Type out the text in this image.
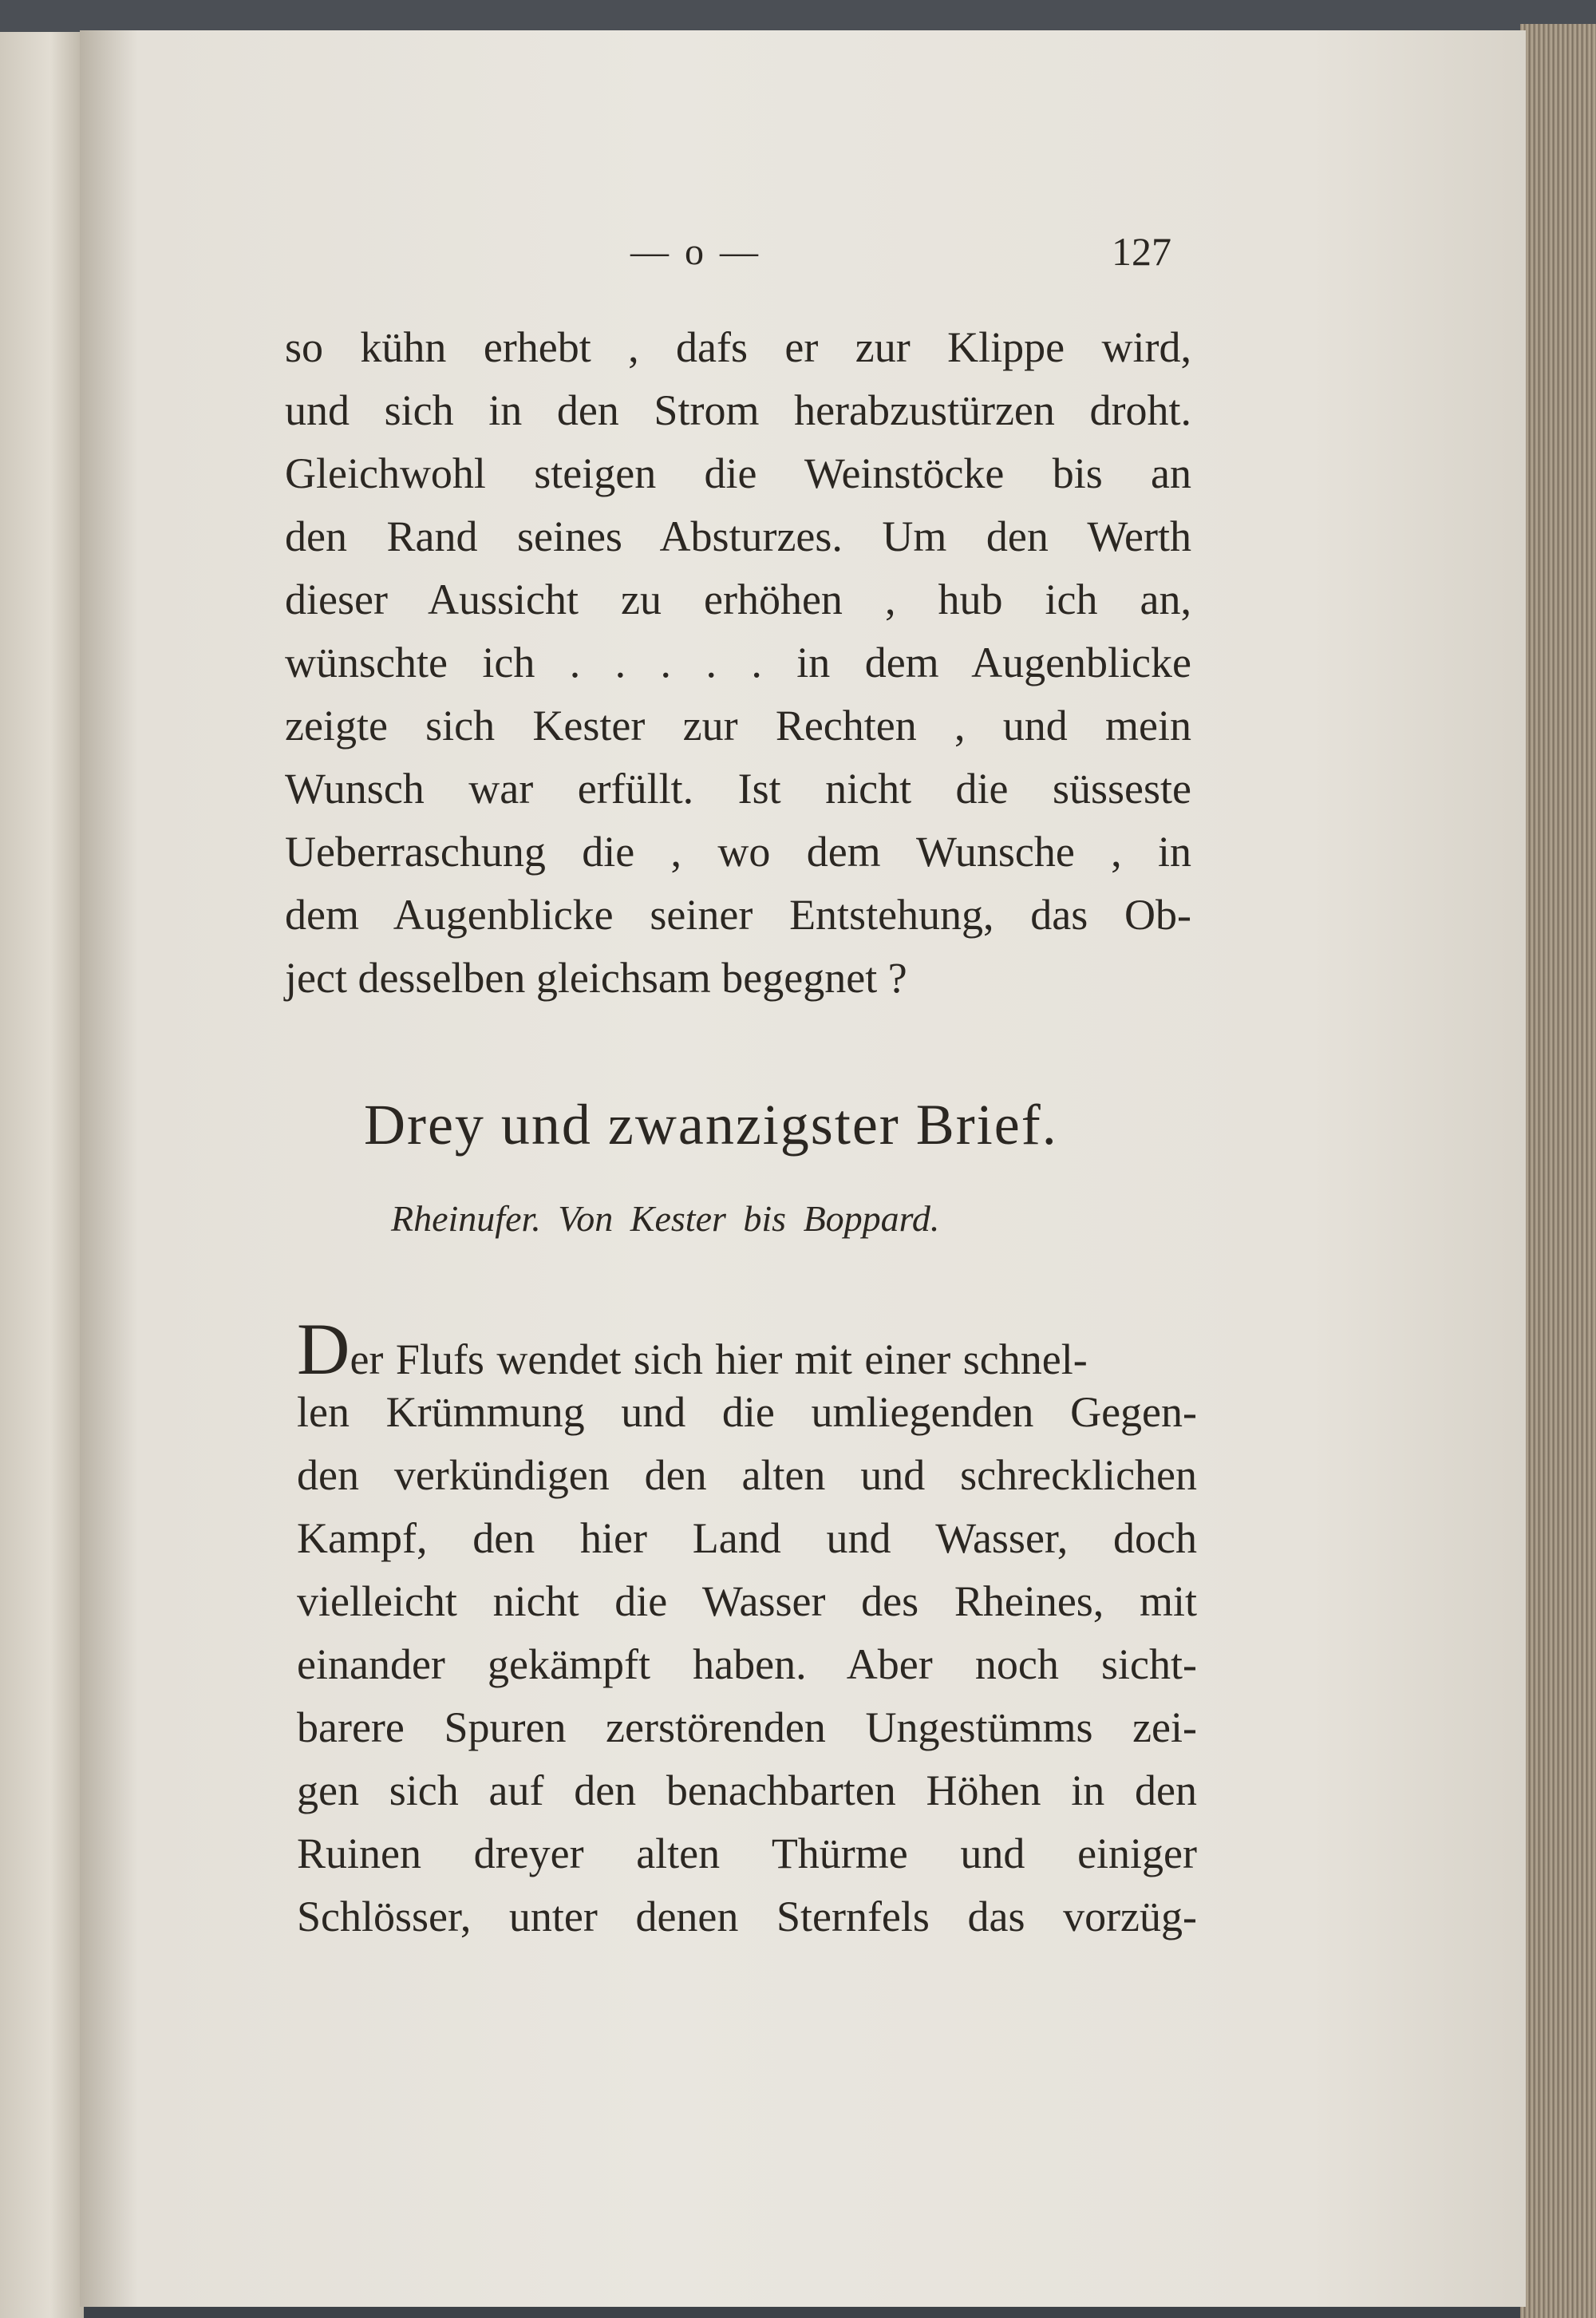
— o —	127
so kühn erhebt , dafs er zur Klippe wird,
und sich in den Strom herabzustürzen droht.
Gleichwohl steigen die Weinstöcke bis an
den Rand seines Absturzes. Um den Werth
dieser Aussicht zu erhöhen , hub ich an,
wünschte ich . . . . . in dem Augenblicke
zeigte sich Kester zur Rechten , und mein
Wunsch war erfüllt. Ist nicht die süsseste
Ueberraschung die , wo dem Wunsche , in
dem Augenblicke seiner Entstehung, das Ob-
ject desselben gleichsam begegnet ?
Drey und zwanzigster Brief.
Rheinufer. Von Kester bis Boppard.
Der Flufs wendet sich hier mit einer schnel-
len Krümmung und die umliegenden Gegen-
den verkündigen den alten und schrecklichen
Kampf, den hier Land und Wasser, doch
vielleicht nicht die Wasser des Rheines, mit
einander gekämpft haben. Aber noch sicht-
barere Spuren zerstörenden Ungestümms zei-
gen sich auf den benachbarten Höhen in den
Ruinen dreyer alten Thürme und einiger
Schlösser, unter denen Sternfels das vorzüg-
